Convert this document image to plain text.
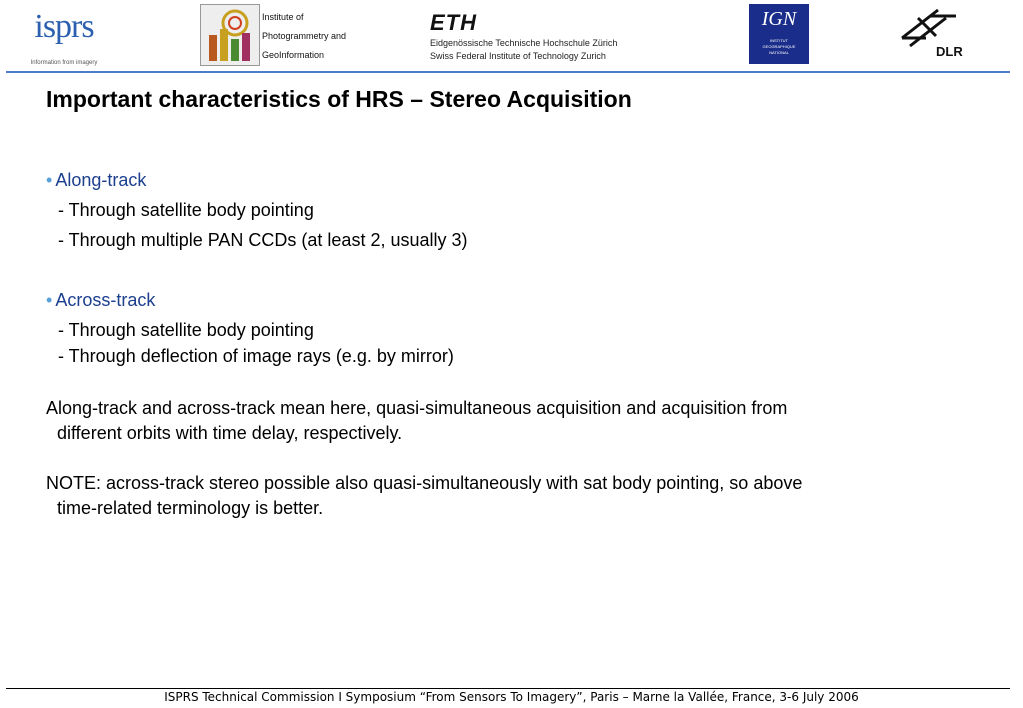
isprs
Information from imagery
Institute of
Photogrammetry and
GeoInformation
ETH
Eidgenössische Technische Hochschule Zürich
Swiss Federal Institute of Technology Zurich
IGN
INSTITUT
GEOGRAPHIQUE
NATIONAL	DLR
Important characteristics of HRS – Stereo Acquisition
• Along-track
- Through satellite body pointing
- Through multiple PAN CCDs (at least 2, usually 3)
• Across-track
- Through satellite body pointing
- Through deflection of image rays (e.g. by mirror)
Along-track and across-track mean here, quasi-simultaneous acquisition and acquisition from
different orbits with time delay, respectively.
NOTE: across-track stereo possible also quasi-simultaneously with sat body pointing, so above
time-related terminology is better.
ISPRS Technical Commission I Symposium “From Sensors To Imagery”, Paris – Marne la Vallée, France, 3-6 July 2006
